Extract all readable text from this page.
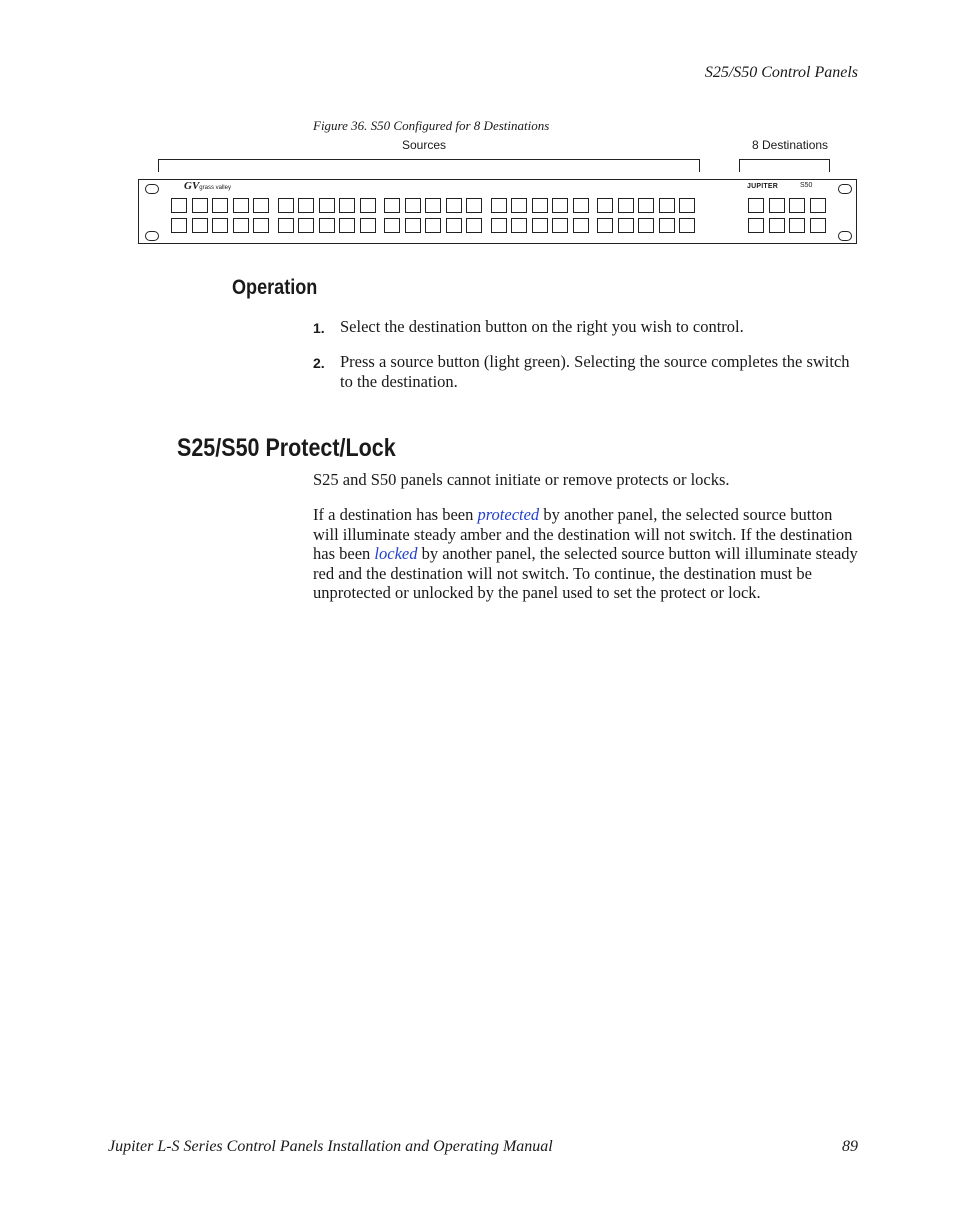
S25/S50 Control Panels
Figure 36. S50 Configured for 8 Destinations
Sources	8 Destinations
GVgrass valley	JUPITER	S50
Operation
1. Select the destination button on the right you wish to control.
2. Press a source button (light green). Selecting the source completes the switch to the destination.
S25/S50 Protect/Lock
S25 and S50 panels cannot initiate or remove protects or locks.
If a destination has been protected by another panel, the selected source button will illuminate steady amber and the destination will not switch. If the destination has been locked by another panel, the selected source button will illuminate steady red and the destination will not switch. To continue, the destination must be unprotected or unlocked by the panel used to set the protect or lock.
Jupiter L-S Series Control Panels Installation and Operating Manual	89
